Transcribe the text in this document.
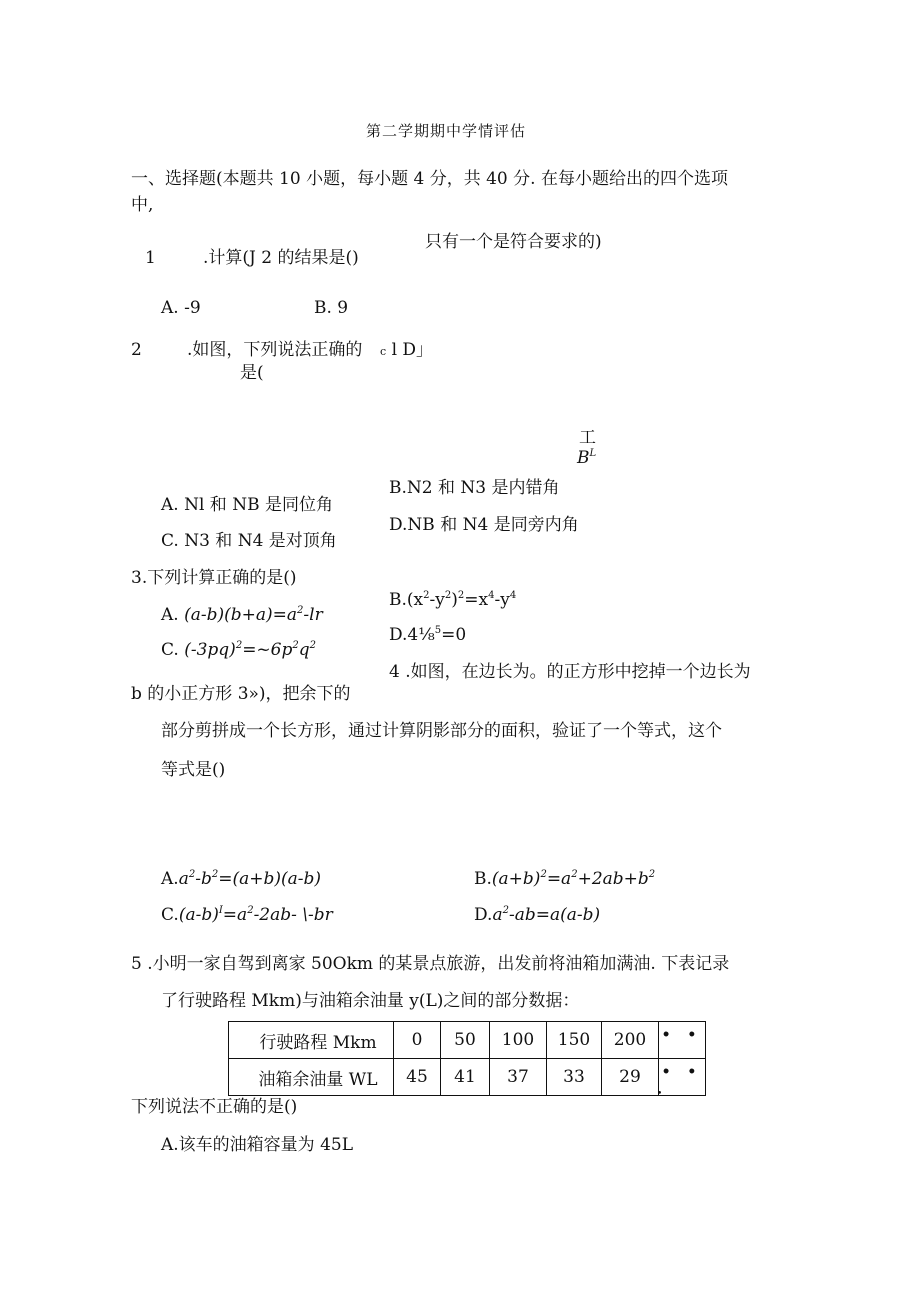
第二学期期中学情评估
一、选择题(本题共 10 小题，每小题 4 分，共 40 分. 在每小题给出的四个选项
中,
只有一个是符合要求的)
1	.计算(J 2 的结果是()
A. -9	B. 9
2	.如图，下列说法正确的 c l D」
是(
工
$B^L$
B.N2 和 N3 是内错角
A. Nl 和 NB 是同位角
D.NB 和 N4 是同旁内角
C. N3 和 N4 是对顶角
3.下列计算正确的是()
$B.(x^2-y^2)^2=x^4-y^4$
A. $(a-b)(b+a)=a^2-lr$
D.4⅛$^5$=0
C. $(-3pq)^2=\sim 6p^2q^2$
4 .如图，在边长为。的正方形中挖掉一个边长为
b 的小正方形 3»)，把余下的
部分剪拼成一个长方形，通过计算阴影部分的面积，验证了一个等式，这个
等式是()
$A.a^2-b^2=(a+b)(a-b)$	$B.(a+b)^2=a^2+2ab+b^2$
$C.(a-b)^I=a^2-2ab-$ \-br	$D.a^2-ab=a(a-b)$
5 .小明一家自驾到离家 50Okm 的某景点旅游，出发前将油箱加满油. 下表记录
了行驶路程 Mkm)与油箱余油量 y(L)之间的部分数据：
行驶路程 Mkm	0	50	100	150	200	• •
油箱余油量 WL	45	41	37	33	29	• •
•
下列说法不正确的是()
A.该车的油箱容量为 45L
